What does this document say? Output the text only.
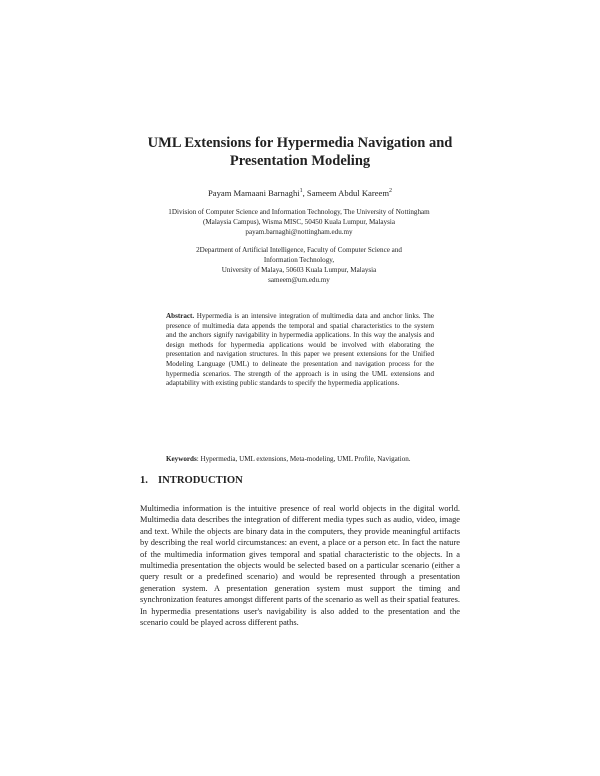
UML Extensions for Hypermedia Navigation and
Presentation Modeling
Payam Mamaani Barnaghi$^1$, Sameem Abdul Kareem$^2$
1Division of Computer Science and Information Technology, The University of Nottingham
(Malaysia Campus), Wisma MISC, 50450 Kuala Lumpur, Malaysia
payam.barnaghi@nottingham.edu.my
2Department of Artificial Intelligence, Faculty of Computer Science and
Information Technology,
University of Malaya, 50603 Kuala Lumpur, Malaysia
sameem@um.edu.my
Abstract. Hypermedia is an intensive integration of multimedia data and anchor links. The presence of multimedia data appends the temporal and spatial characteristics to the system and the anchors signify navigability in hypermedia applications. In this way the analysis and design methods for hypermedia applications would be involved with elaborating the presentation and navigation structures. In this paper we present extensions for the Unified Modeling Language (UML) to delineate the presentation and navigation process for the hypermedia scenarios. The strength of the approach is in using the UML extensions and adaptability with existing public standards to specify the hypermedia applications.
Keywords: Hypermedia, UML extensions, Meta-modeling, UML Profile, Navigation.
1. INTRODUCTION
Multimedia information is the intuitive presence of real world objects in the digital world. Multimedia data describes the integration of different media types such as audio, video, image and text. While the objects are binary data in the computers, they provide meaningful artifacts by describing the real world circumstances: an event, a place or a person etc. In fact the nature of the multimedia information gives temporal and spatial characteristic to the objects. In a multimedia presentation the objects would be selected based on a particular scenario (either a query result or a predefined scenario) and would be represented through a presentation generation system. A presentation generation system must support the timing and synchronization features amongst different parts of the scenario as well as their spatial features. In hypermedia presentations user's navigability is also added to the presentation and the scenario could be played across different paths.
